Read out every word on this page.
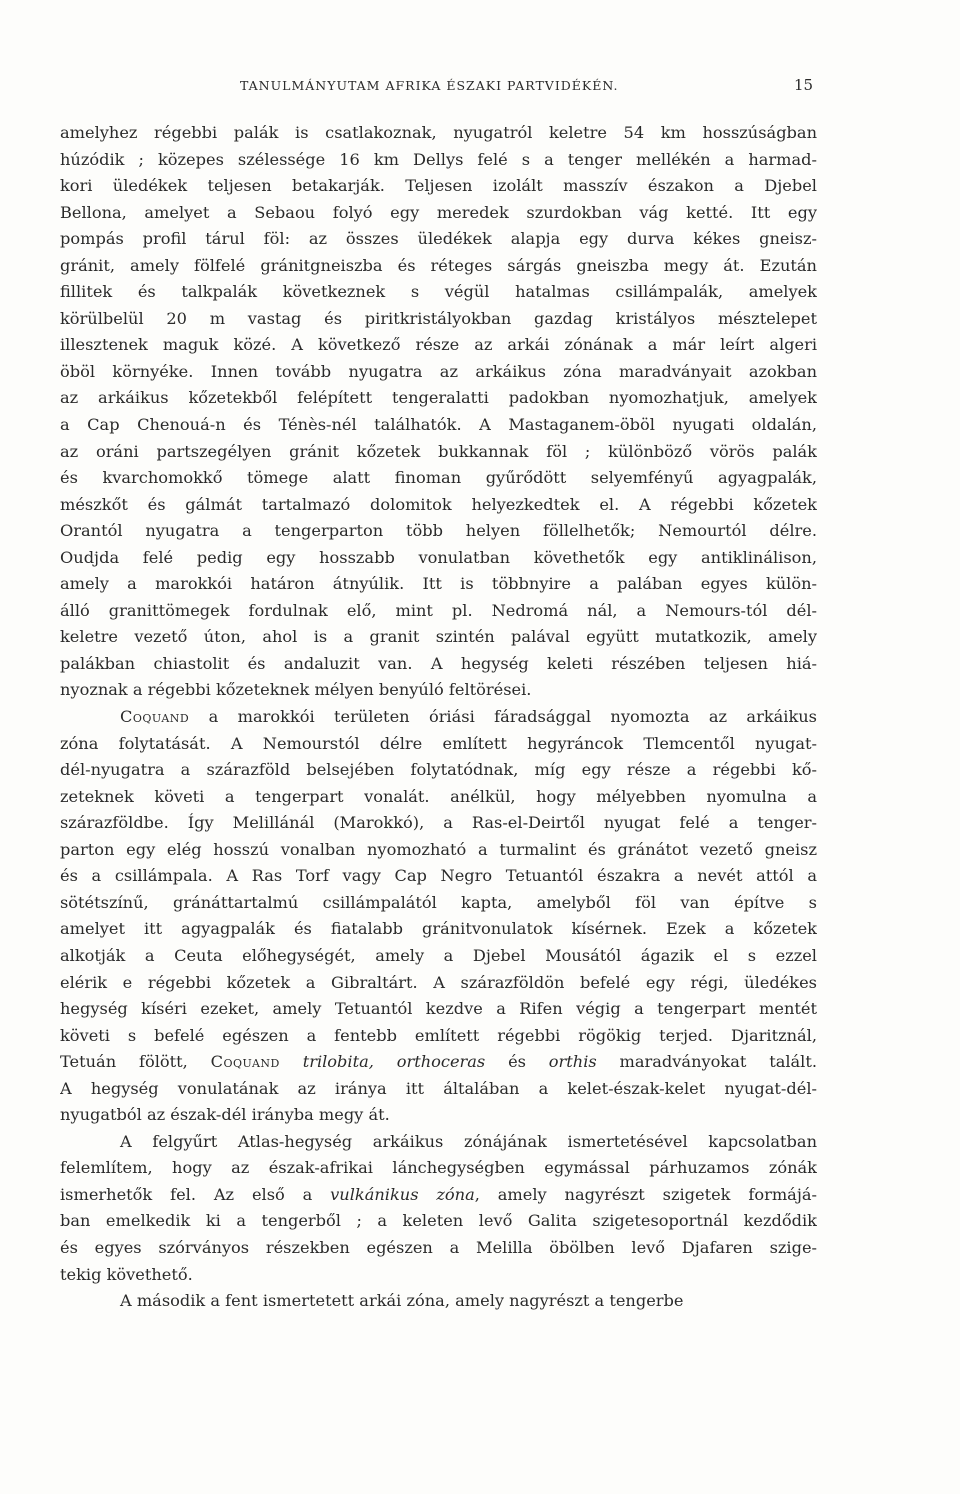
TANULMÁNYUTAM AFRIKA ÉSZAKI PARTVIDÉKÉN.	15
amelyhez régebbi palák is csatlakoznak, nyugatról keletre 54 km hosszúságban
húzódik ; közepes szélessége 16 km Dellys felé s a tenger mellékén a harmad-
kori üledékek teljesen betakarják. Teljesen izolált masszív északon a Djebel
Bellona, amelyet a Sebaou folyó egy meredek szurdokban vág ketté. Itt egy
pompás profil tárul föl: az összes üledékek alapja egy durva kékes gneisz-
gránit, amely fölfelé gránitgneiszba és réteges sárgás gneiszba megy át. Ezután
fillitek és talkpalák következnek s végül hatalmas csillámpalák, amelyek
körülbelül 20 m vastag és piritkristályokban gazdag kristályos mésztelepet
illesztenek maguk közé. A következő része az arkái zónának a már leírt algeri
öböl környéke. Innen tovább nyugatra az arkáikus zóna maradványait azokban
az arkáikus kőzetekből felépített tengeralatti padokban nyomozhatjuk, amelyek
a Cap Chenouá-n és Ténès-nél találhatók. A Mastaganem-öböl nyugati oldalán,
az oráni partszegélyen gránit kőzetek bukkannak föl ; különböző vörös palák
és kvarchomokkő tömege alatt finoman gyűrődött selyemfényű agyagpalák,
mészkőt és gálmát tartalmazó dolomitok helyezkedtek el. A régebbi kőzetek
Orantól nyugatra a tengerparton több helyen föllelhetők; Nemourtól délre.
Oudjda felé pedig egy hosszabb vonulatban követhetők egy antiklinálison,
amely a marokkói határon átnyúlik. Itt is többnyire a palában egyes külön-
álló granittömegek fordulnak elő, mint pl. Nedromá nál, a Nemours-tól dél-
keletre vezető úton, ahol is a granit szintén palával együtt mutatkozik, amely
palákban chiastolit és andaluzit van. A hegység keleti részében teljesen hiá-
nyoznak a régebbi kőzeteknek mélyen benyúló feltörései.
Coquand a marokkói területen óriási fáradsággal nyomozta az arkáikus
zóna folytatását. A Nemourstól délre említett hegyráncok Tlemcentől nyugat-
dél-nyugatra a szárazföld belsejében folytatódnak, míg egy része a régebbi kő-
zeteknek követi a tengerpart vonalát. anélkül, hogy mélyebben nyomulna a
szárazföldbe. Így Melillánál (Marokkó), a Ras-el-Deirtől nyugat felé a tenger-
parton egy elég hosszú vonalban nyomozható a turmalint és gránátot vezető gneisz
és a csillámpala. A Ras Torf vagy Cap Negro Tetuantól északra a nevét attól a
sötétszínű, gránáttartalmú csillámpalától kapta, amelyből föl van építve s
amelyet itt agyagpalák és fiatalabb gránitvonulatok kísérnek. Ezek a kőzetek
alkotják a Ceuta előhegységét, amely a Djebel Mousától ágazik el s ezzel
elérik e régebbi kőzetek a Gibraltárt. A szárazföldön befelé egy régi, üledékes
hegység kíséri ezeket, amely Tetuantól kezdve a Rifen végig a tengerpart mentét
követi s befelé egészen a fentebb említett régebbi rögökig terjed. Djaritznál,
Tetuán fölött, Coquand trilobita, orthoceras és orthis maradványokat talált.
A hegység vonulatának az iránya itt általában a kelet-észak-kelet nyugat-dél-
nyugatból az észak-dél irányba megy át.
A felgyűrt Atlas-hegység arkáikus zónájának ismertetésével kapcsolatban
felemlítem, hogy az észak-afrikai lánchegységben egymással párhuzamos zónák
ismerhetők fel. Az első a vulkánikus zóna, amely nagyrészt szigetek formájá-
ban emelkedik ki a tengerből ; a keleten levő Galita szigetesoportnál kezdődik
és egyes szórványos részekben egészen a Melilla öbölben levő Djafaren szige-
tekig követhető.
A második a fent ismertetett arkái zóna, amely nagyrészt a tengerbe
